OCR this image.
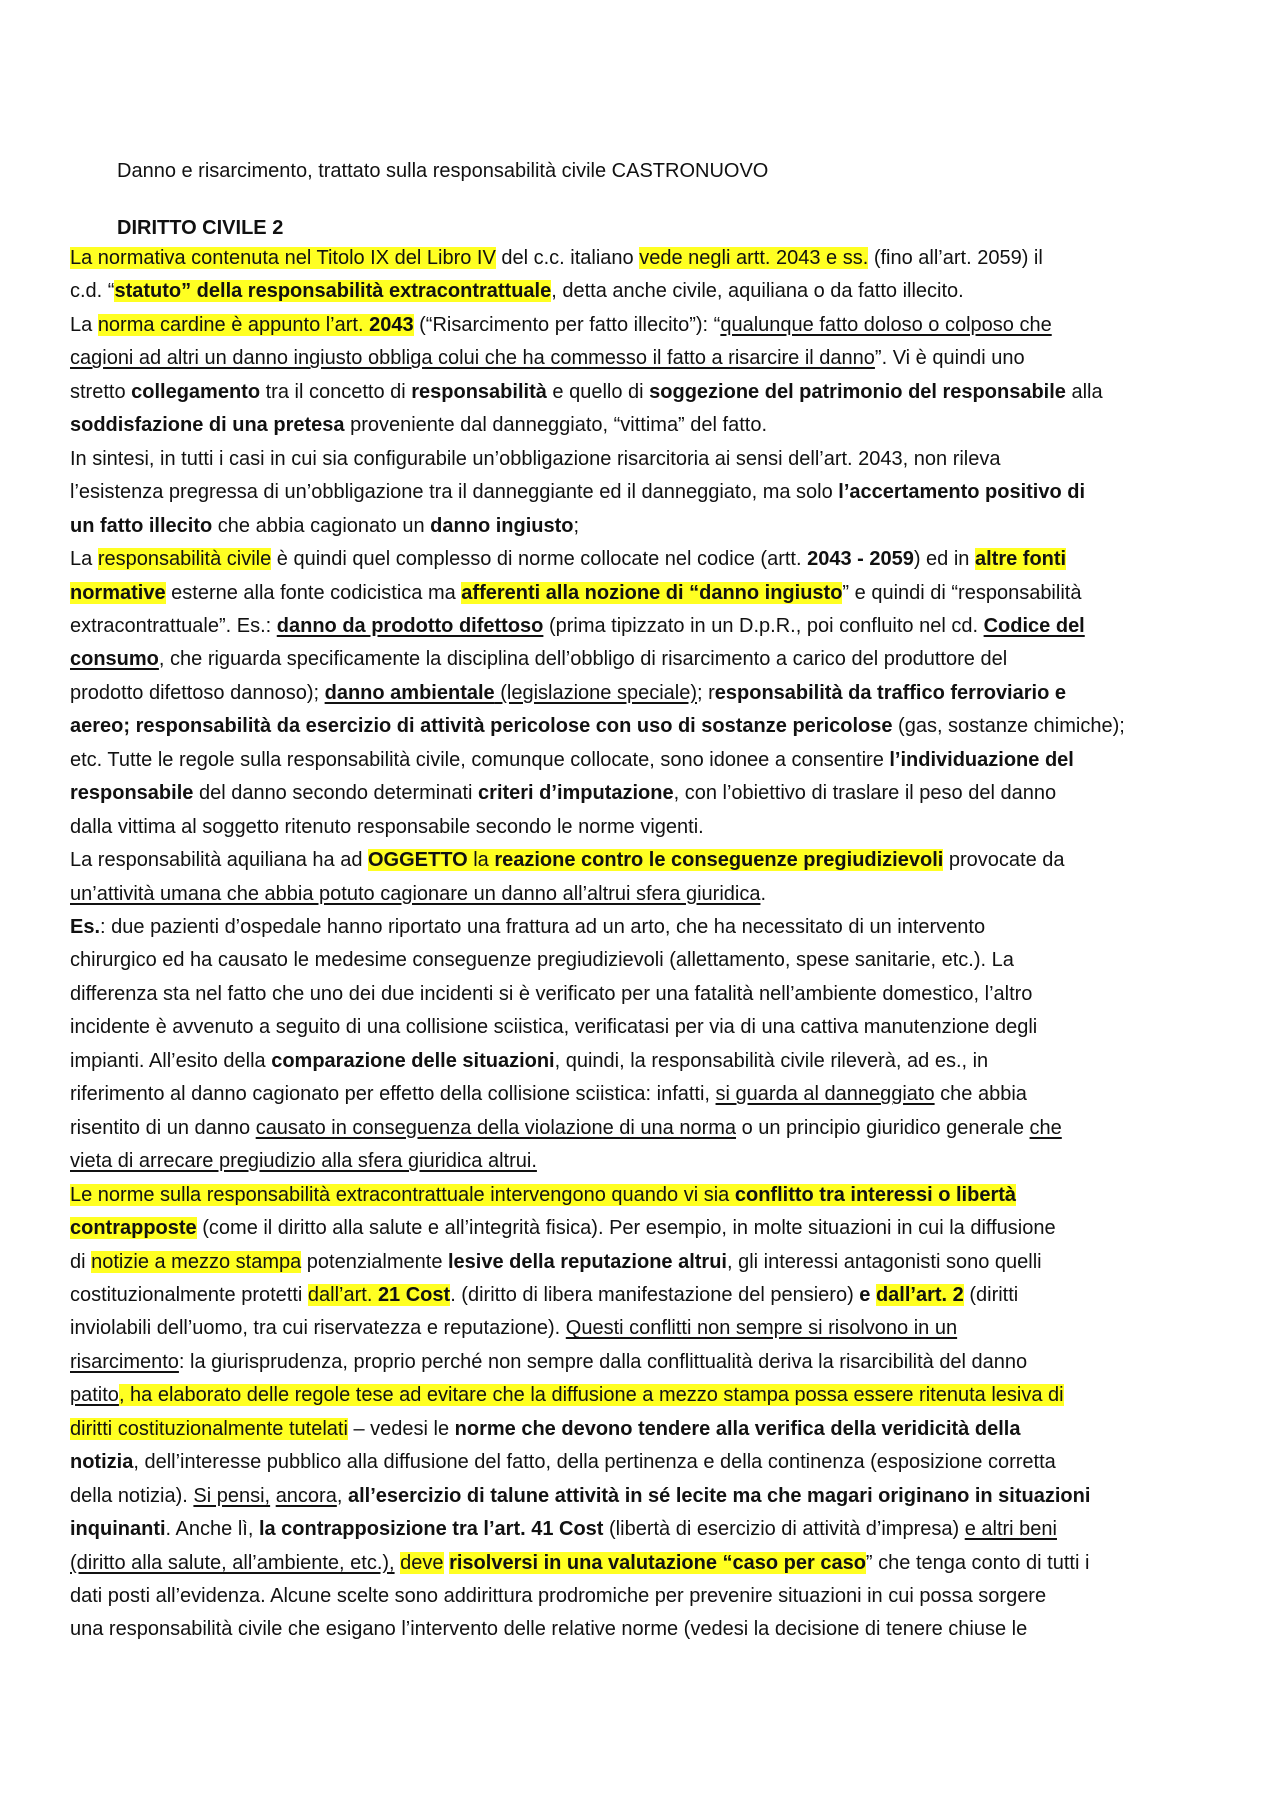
Danno e risarcimento, trattato sulla responsabilità civile CASTRONUOVO
DIRITTO CIVILE 2
La normativa contenuta nel Titolo IX del Libro IV del c.c. italiano vede negli artt. 2043 e ss. (fino all’art. 2059) il
c.d. “statuto” della responsabilità extracontrattuale, detta anche civile, aquiliana o da fatto illecito.
La norma cardine è appunto l’art. 2043 (“Risarcimento per fatto illecito”): “qualunque fatto doloso o colposo che
cagioni ad altri un danno ingiusto obbliga colui che ha commesso il fatto a risarcire il danno”. Vi è quindi uno
stretto collegamento tra il concetto di responsabilità e quello di soggezione del patrimonio del responsabile alla
soddisfazione di una pretesa proveniente dal danneggiato, “vittima” del fatto.
In sintesi, in tutti i casi in cui sia configurabile un’obbligazione risarcitoria ai sensi dell’art. 2043, non rileva
l’esistenza pregressa di un’obbligazione tra il danneggiante ed il danneggiato, ma solo l’accertamento positivo di
un fatto illecito che abbia cagionato un danno ingiusto;
La responsabilità civile è quindi quel complesso di norme collocate nel codice (artt. 2043 - 2059) ed in altre fonti
normative esterne alla fonte codicistica ma afferenti alla nozione di “danno ingiusto” e quindi di “responsabilità
extracontrattuale”. Es.: danno da prodotto difettoso (prima tipizzato in un D.p.R., poi confluito nel cd. Codice del
consumo, che riguarda specificamente la disciplina dell’obbligo di risarcimento a carico del produttore del
prodotto difettoso dannoso); danno ambientale (legislazione speciale); responsabilità da traffico ferroviario e
aereo; responsabilità da esercizio di attività pericolose con uso di sostanze pericolose (gas, sostanze chimiche);
etc. Tutte le regole sulla responsabilità civile, comunque collocate, sono idonee a consentire l’individuazione del
responsabile del danno secondo determinati criteri d’imputazione, con l’obiettivo di traslare il peso del danno
dalla vittima al soggetto ritenuto responsabile secondo le norme vigenti.
La responsabilità aquiliana ha ad OGGETTO la reazione contro le conseguenze pregiudizievoli provocate da
un’attività umana che abbia potuto cagionare un danno all’altrui sfera giuridica.
Es.: due pazienti d’ospedale hanno riportato una frattura ad un arto, che ha necessitato di un intervento
chirurgico ed ha causato le medesime conseguenze pregiudizievoli (allettamento, spese sanitarie, etc.). La
differenza sta nel fatto che uno dei due incidenti si è verificato per una fatalità nell’ambiente domestico, l’altro
incidente è avvenuto a seguito di una collisione sciistica, verificatasi per via di una cattiva manutenzione degli
impianti. All’esito della comparazione delle situazioni, quindi, la responsabilità civile rileverà, ad es., in
riferimento al danno cagionato per effetto della collisione sciistica: infatti, si guarda al danneggiato che abbia
risentito di un danno causato in conseguenza della violazione di una norma o un principio giuridico generale che
vieta di arrecare pregiudizio alla sfera giuridica altrui.
Le norme sulla responsabilità extracontrattuale intervengono quando vi sia conflitto tra interessi o libertà
contrapposte (come il diritto alla salute e all’integrità fisica). Per esempio, in molte situazioni in cui la diffusione
di notizie a mezzo stampa potenzialmente lesive della reputazione altrui, gli interessi antagonisti sono quelli
costituzionalmente protetti dall’art. 21 Cost. (diritto di libera manifestazione del pensiero) e dall’art. 2 (diritti
inviolabili dell’uomo, tra cui riservatezza e reputazione). Questi conflitti non sempre si risolvono in un
risarcimento: la giurisprudenza, proprio perché non sempre dalla conflittualità deriva la risarcibilità del danno
patito, ha elaborato delle regole tese ad evitare che la diffusione a mezzo stampa possa essere ritenuta lesiva di
diritti costituzionalmente tutelati – vedesi le norme che devono tendere alla verifica della veridicità della
notizia, dell’interesse pubblico alla diffusione del fatto, della pertinenza e della continenza (esposizione corretta
della notizia). Si pensi, ancora, all’esercizio di talune attività in sé lecite ma che magari originano in situazioni
inquinanti. Anche lì, la contrapposizione tra l’art. 41 Cost (libertà di esercizio di attività d’impresa) e altri beni
(diritto alla salute, all’ambiente, etc.), deve risolversi in una valutazione “caso per caso” che tenga conto di tutti i
dati posti all’evidenza. Alcune scelte sono addirittura prodromiche per prevenire situazioni in cui possa sorgere
una responsabilità civile che esigano l’intervento delle relative norme (vedesi la decisione di tenere chiuse le
